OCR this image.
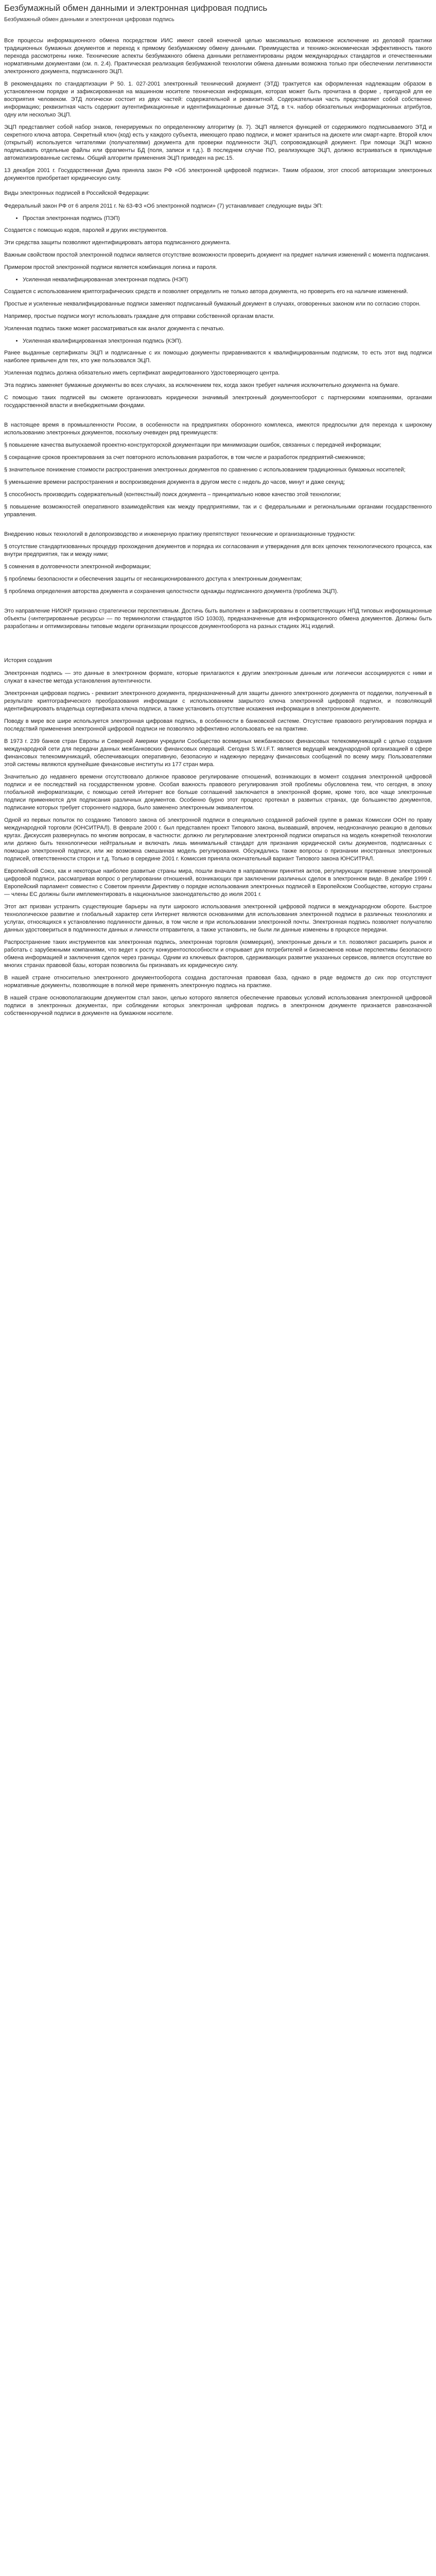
Безбумажный обмен данными и электронная цифровая подпись
Безбумажный обмен данными и электронная цифровая подпись

Все процессы информационного обмена посредством ИИС имеют своей конечной целью максимально возможное исключение из деловой практики традиционных бумажных документов и переход к прямому безбумажному обмену данными. Преимущества и технико-экономическая эффективность такого перехода рассмотрены ниже. Технические аспекты безбумажного обмена данными регламентированы рядом международных стандартов и отечественными нормативными документами (см. п. 2.4). Практическая реализация безбумажной технологии обмена данными возможна только при обеспечении легитимности электронного документа, подписанного ЭЦП.

В рекомендациях по стандартизации Р 50. 1. 027-2001 электронный технический документ (ЭТД) трактуется как оформленная надлежащим образом в установленном порядке и зафиксированная на машинном носителе техническая информация, которая может быть прочитана в форме , пригодной для ее восприятия человеком. ЭТД логически состоит из двух частей: содержательной и реквизитной. Содержательная часть представляет собой собственно информацию; реквизитная часть содержит аутентификационные и идентификационные данные ЭТД, в т.ч. набор обязательных информационных атрибутов, одну или несколько ЭЦП.

ЭЦП представляет собой набор знаков, генерируемых по определенному алгоритму (в. 7). ЭЦП является функцией от содержимого подписываемого ЭТД и секретного ключа автора. Секретный ключ (код) есть у каждого субъекта, имеющего право подписи, и может храниться на дискете или смарт-карте. Второй ключ (открытый) используется читателями (получателями) документа для проверки подлинности ЭЦП, сопровождающей документ. При помощи ЭЦП можно подписывать отдельные файлы или фрагменты БД (поля, записи и т.д.). В последнем случае ПО, реализующее ЭЦП, должно встраиваться в прикладные автоматизированные системы. Общий алгоритм применения ЭЦП приведен на рис.15.

13 декабря 2001 г. Государственная Дума приняла закон РФ «Об электронной цифровой подписи». Таким образом, этот способ авторизации электронных документов приобретает юридическую силу.

Виды электронных подписей в Российской Федерации:

Федеральный закон РФ от 6 апреля 2011 г. № 63-ФЗ «Об электронной подписи» (7) устанавливает следующие виды ЭП:

• Простая электронная подпись (ПЭП)

Создается с помощью кодов, паролей и других инструментов.

Эти средства защиты позволяют идентифицировать автора подписанного документа.

Важным свойством простой электронной подписи является отсутствие возможности проверить документ на предмет наличия изменений с момента подписания.

Примером простой электронной подписи является комбинация логина и пароля.

• Усиленная неквалифицированная электронная подпись (НЭП)

Создается с использованием криптографических средств и позволяет определить не только автора документа, но проверить его на наличие изменений.

Простые и усиленные неквалифицированные подписи заменяют подписанный бумажный документ в случаях, оговоренных законом или по согласию сторон.

Например, простые подписи могут использовать граждане для отправки собственной органам власти.

Усиленная подпись также может рассматриваться как аналог документа с печатью.

• Усиленная квалифицированная электронная подпись (КЭП).

Ранее выданные сертификаты ЭЦП и подписанные с их помощью документы приравниваются к квалифицированным подписям, то есть этот вид подписи наиболее привычен для тех, кто уже пользовался ЭЦП.

Усиленная подпись должна обязательно иметь сертификат аккредитованного Удостоверяющего центра.

Эта подпись заменяет бумажные документы во всех случаях, за исключением тех, когда закон требует наличия исключительно документа на бумаге.

С помощью таких подписей вы сможете организовать юридически значимый электронный документооборот с партнерскими компаниями, органами государственной власти и внебюджетными фондами.

В настоящее время в промышленности России, в особенности на предприятиях оборонного комплекса, имеются предпосылки для перехода к широкому использованию электронных документов, поскольку очевиден ряд преимуществ:

§ повышение качества выпускаемой проектно-конструкторской документации при минимизации ошибок, связанных с передачей информации;

§ сокращение сроков проектирования за счет повторного использования разработок, в том числе и разработок предприятий-смежников;

§ значительное понижение стоимости распространения электронных документов по сравнению с использованием традиционных бумажных носителей;

§ уменьшение времени распространения и воспроизведения документа в другом месте с недель до часов, минут и даже секунд;

§ способность производить содержательный (контекстный) поиск документа – принципиально новое качество этой технологии;

§ повышение возможностей оперативного взаимодействия как между предприятиями, так и с федеральными и региональными органами государственного управления.

Внедрению новых технологий в делопроизводство и инженерную практику препятствуют технические и организационные трудности:

§ отсутствие стандартизованных процедур прохождения документов и порядка их согласования и утверждения для всех цепочек технологического процесса, как внутри предприятия, так и между ними;

§ сомнения в долговечности электронной информации;

§ проблемы безопасности и обеспечения защиты от несанкционированного доступа к электронным документам;

§ проблема определения авторства документа и сохранения целостности однажды подписанного документа (проблема ЭЦП).

Это направление НИОКР признано стратегически перспективным. Достичь быть выполнен и зафиксированы в соответствующих НПД типовых информационные объекты (‹интегрированные ресурсы› — по терминологии стандартов ISO 10303), предназначенные для информационного обмена документов. Должны быть разработаны и оптимизированы типовые модели организации процессов документооборота на разных стадиях ЖЦ изделий.

История создания

Электронная подпись — это данные в электронном формате, которые прилагаются к другим электронным данным или логически ассоциируются с ними и служат в качестве метода установления аутентичности.

Электронная цифровая подпись - реквизит электронного документа, предназначенный для защиты данного электронного документа от подделки, полученный в результате криптографического преобразования информации с использованием закрытого ключа электронной цифровой подписи, и позволяющий идентифицировать владельца сертификата ключа подписи, а также установить отсутствие искажения информации в электронном документе.

Поводу в мире все шире используется электронная цифровая подпись, в особенности в банковской системе. Отсутствие правового регулирования порядка и последствий применения электронной цифровой подписи не позволяло эффективно использовать ее на практике.

В 1973 г. 239 банков стран Европы и Северной Америки учредили Сообщество всемирных межбанковских финансовых телекоммуникаций с целью создания международной сети для передачи данных межбанковских финансовых операций. Сегодня S.W.I.F.T. является ведущей международной организацией в сфере финансовых телекоммуникаций, обеспечивающих оперативную, безопасную и надежную передачу финансовых сообщений по всему миру. Пользователями этой системы являются крупнейшие финансовые институты из 177 стран мира.

Значительно до недавнего времени отсутствовало должное правовое регулирование отношений, возникающих в момент создания электронной цифровой подписи и ее последствий на государственном уровне. Особая важность правового регулирования этой проблемы обусловлена тем, что сегодня, в эпоху глобальной информатизации, с помощью сетей Интернет все больше соглашений заключается в электронной форме, кроме того, все чаще электронные подписи применяются для подписания различных документов. Особенно бурно этот процесс протекал в развитых странах, где большинство документов, подписание которых требует стороннего надзора, было заменено электронным эквивалентом.

Одной из первых попыток по созданию Типового закона об электронной подписи в специально созданной рабочей группе в рамках Комиссии ООН по праву международной торговли (ЮНСИТРАЛ). В феврале 2000 г. был представлен проект Типового закона, вызвавший, впрочем, неоднозначную реакцию в деловых кругах. Дискуссия развернулась по многим вопросам, в частности: должно ли регулирование электронной подписи опираться на модель конкретной технологии или должно быть технологически нейтральным и включать лишь минимальный стандарт для признания юридической силы документов, подписанных с помощью электронной подписи, или же возможна смешанная модель регулирования. Обсуждались также вопросы о признании иностранных электронных подписей, ответственности сторон и т.д. Только в середине 2001 г. Комиссия приняла окончательный вариант Типового закона ЮНСИТРАЛ.

Европейский Союз, как и некоторые наиболее развитые страны мира, пошли вначале в направлении принятия актов, регулирующих применение электронной цифровой подписи, рассматривая вопрос о регулировании отношений, возникающих при заключении различных сделок в электронном виде. В декабре 1999 г. Европейский парламент совместно с Советом приняли Директиву о порядке использования электронных подписей в Европейском Сообществе, которую страны — члены ЕС должны были имплементировать в национальное законодательство до июля 2001 г.

Этот акт призван устранить существующие барьеры на пути широкого использования электронной цифровой подписи в международном обороте. Быстрое технологическое развитие и глобальный характер сети Интернет являются основаниями для использования электронной подписи в различных технологиях и услугах, относящихся к установлению подлинности данных, в том числе и при использовании электронной почты. Электронная подпись позволяет получателю данных удостовериться в подлинности данных и личности отправителя, а также установить, не были ли данные изменены в процессе передачи.

Распространение таких инструментов как электронная подпись, электронная торговля (коммерция), электронные деньги и т.п. позволяют расширить рынок и работать с зарубежными компаниями, что ведет к росту конкурентоспособности и открывает для потребителей и бизнесменов новые перспективы безопасного обмена информацией и заключения сделок через границы. Одним из ключевых факторов, сдерживающих развитие указанных сервисов, является отсутствие во многих странах правовой базы, которая позволила бы признавать их юридическую силу.

В нашей стране относительно электронного документооборота создана достаточная правовая база, однако в ряде ведомств до сих пор отсутствуют нормативные документы, позволяющие в полной мере применять электронную подпись на практике.

В нашей стране основополагающим документом стал закон, целью которого является обеспечение правовых условий использования электронной цифровой подписи в электронных документах, при соблюдении которых электронная цифровая подпись в электронном документе признается равнозначной собственноручной подписи в документе на бумажном носителе.
